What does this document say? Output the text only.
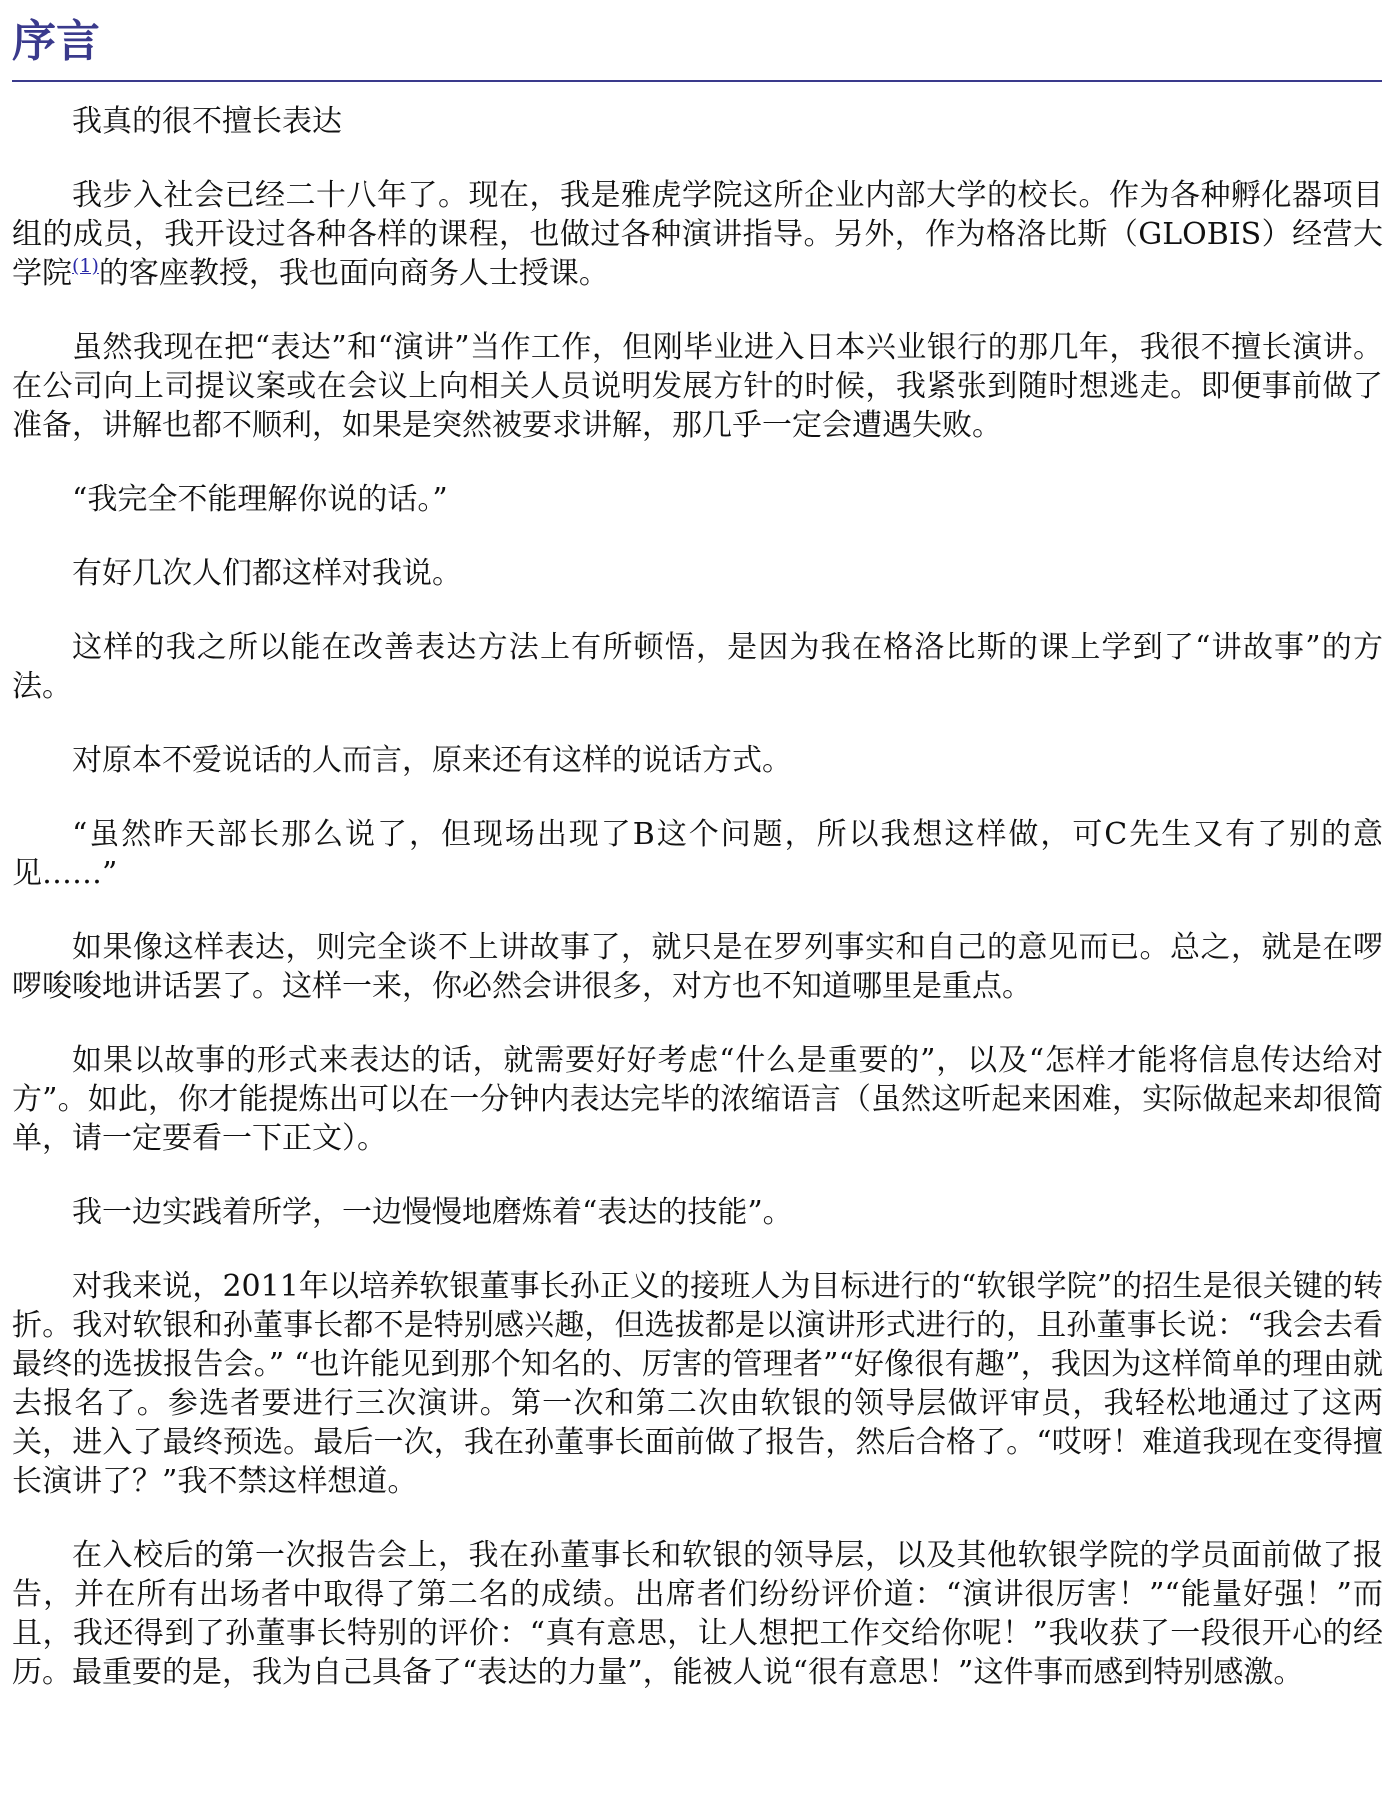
序言

我真的很不擅长表达

我步入社会已经二十八年了。现在，我是雅虎学院这所企业内部大学的校长。作为各种孵化器项目组的成员，我开设过各种各样的课程，也做过各种演讲指导。另外，作为格洛比斯（GLOBIS）经营大学院$^{(1)}$的客座教授，我也面向商务人士授课。

虽然我现在把“表达”和“演讲”当作工作，但刚毕业进入日本兴业银行的那几年，我很不擅长演讲。在公司向上司提议案或在会议上向相关人员说明发展方针的时候，我紧张到随时想逃走。即便事前做了准备，讲解也都不顺利，如果是突然被要求讲解，那几乎一定会遭遇失败。

“我完全不能理解你说的话。”

有好几次人们都这样对我说。

这样的我之所以能在改善表达方法上有所顿悟，是因为我在格洛比斯的课上学到了“讲故事”的方法。

对原本不爱说话的人而言，原来还有这样的说话方式。

“虽然昨天部长那么说了，但现场出现了B这个问题，所以我想这样做，可C先生又有了别的意见……”

如果像这样表达，则完全谈不上讲故事了，就只是在罗列事实和自己的意见而已。总之，就是在啰啰唆唆地讲话罢了。这样一来，你必然会讲很多，对方也不知道哪里是重点。

如果以故事的形式来表达的话，就需要好好考虑“什么是重要的”，以及“怎样才能将信息传达给对方”。如此，你才能提炼出可以在一分钟内表达完毕的浓缩语言（虽然这听起来困难，实际做起来却很简单，请一定要看一下正文）。

我一边实践着所学，一边慢慢地磨炼着“表达的技能”。

对我来说，2011年以培养软银董事长孙正义的接班人为目标进行的“软银学院”的招生是很关键的转折。我对软银和孙董事长都不是特别感兴趣，但选拔都是以演讲形式进行的，且孙董事长说：“我会去看最终的选拔报告会。” “也许能见到那个知名的、厉害的管理者”“好像很有趣”，我因为这样简单的理由就去报名了。参选者要进行三次演讲。第一次和第二次由软银的领导层做评审员，我轻松地通过了这两关，进入了最终预选。最后一次，我在孙董事长面前做了报告，然后合格了。“哎呀！难道我现在变得擅长演讲了？”我不禁这样想道。

在入校后的第一次报告会上，我在孙董事长和软银的领导层，以及其他软银学院的学员面前做了报告，并在所有出场者中取得了第二名的成绩。出席者们纷纷评价道：“演讲很厉害！”“能量好强！”而且，我还得到了孙董事长特别的评价：“真有意思，让人想把工作交给你呢！”我收获了一段很开心的经历。最重要的是，我为自己具备了“表达的力量”，能被人说“很有意思！”这件事而感到特别感激。
